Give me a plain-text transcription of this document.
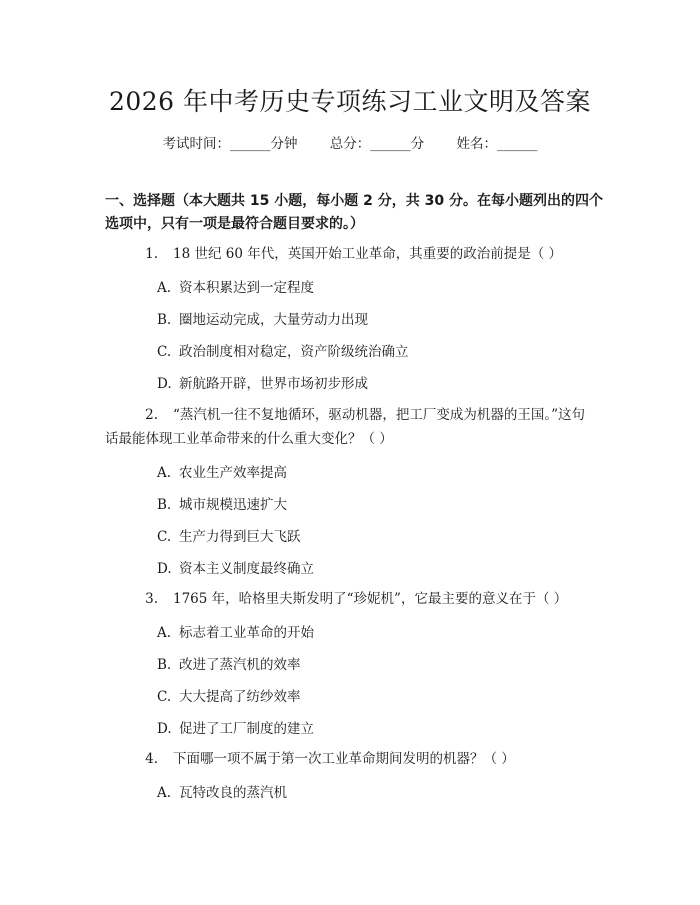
2026 年中考历史专项练习工业文明及答案
考试时间：______分钟 总分：______分 姓名：______
一、选择题（本大题共 15 小题，每小题 2 分，共 30 分。在每小题列出的四个选项中，只有一项是最符合题目要求的。）
1. 18 世纪 60 年代，英国开始工业革命，其重要的政治前提是（ ）
A. 资本积累达到一定程度
B. 圈地运动完成，大量劳动力出现
C. 政治制度相对稳定，资产阶级统治确立
D. 新航路开辟，世界市场初步形成
2. “蒸汽机一往不复地循环，驱动机器，把工厂变成为机器的王国。”这句
话最能体现工业革命带来的什么重大变化？（ ）
A. 农业生产效率提高
B. 城市规模迅速扩大
C. 生产力得到巨大飞跃
D. 资本主义制度最终确立
3. 1765 年，哈格里夫斯发明了“珍妮机”，它最主要的意义在于（ ）
A. 标志着工业革命的开始
B. 改进了蒸汽机的效率
C. 大大提高了纺纱效率
D. 促进了工厂制度的建立
4. 下面哪一项不属于第一次工业革命期间发明的机器？（ ）
A. 瓦特改良的蒸汽机
